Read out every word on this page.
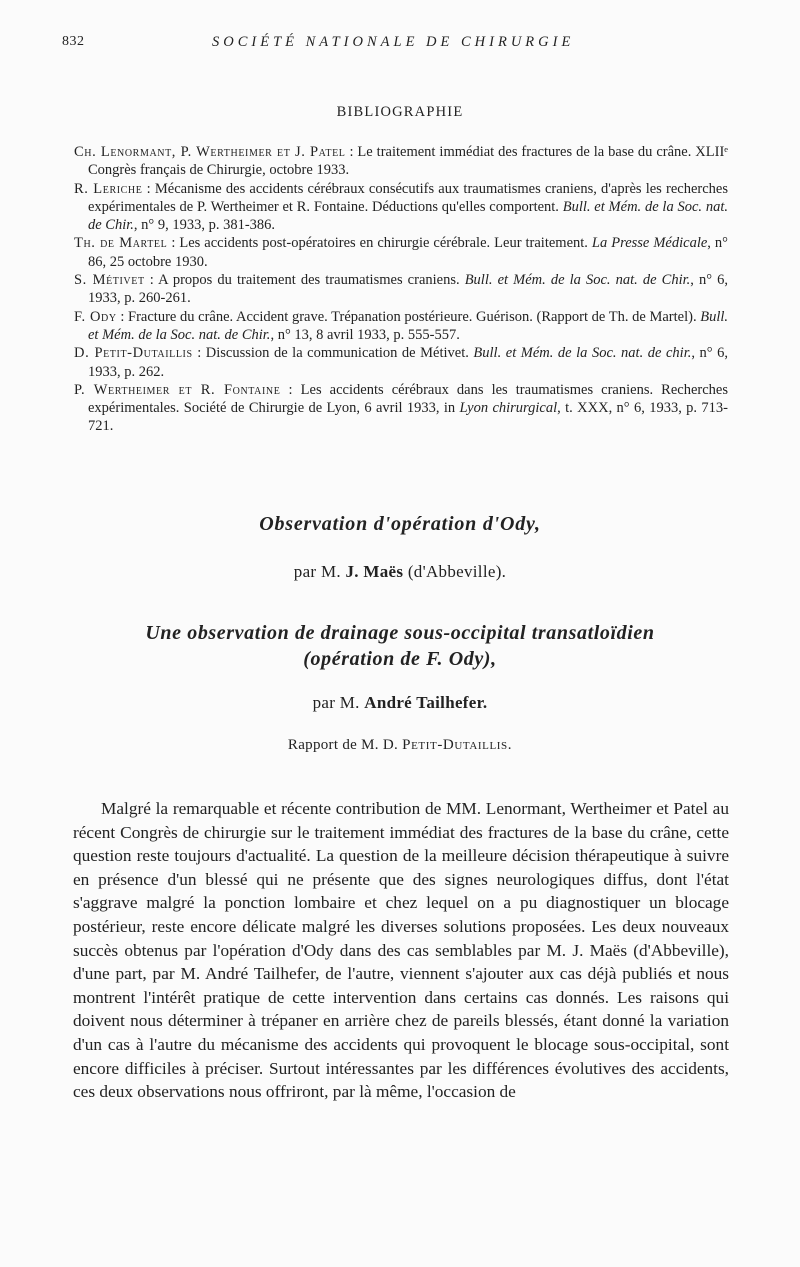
832	SOCIÉTÉ NATIONALE DE CHIRURGIE
BIBLIOGRAPHIE

Ch. Lenormant, P. Wertheimer et J. Patel : Le traitement immédiat des fractures de la base du crâne. XLIIᵉ Congrès français de Chirurgie, octobre 1933.

R. Leriche : Mécanisme des accidents cérébraux consécutifs aux traumatismes craniens, d'après les recherches expérimentales de P. Wertheimer et R. Fontaine. Déductions qu'elles comportent. Bull. et Mém. de la Soc. nat. de Chir., n° 9, 1933, p. 381-386.

Th. de Martel : Les accidents post-opératoires en chirurgie cérébrale. Leur traitement. La Presse Médicale, n° 86, 25 octobre 1930.

S. Métivet : A propos du traitement des traumatismes craniens. Bull. et Mém. de la Soc. nat. de Chir., n° 6, 1933, p. 260-261.

F. Ody : Fracture du crâne. Accident grave. Trépanation postérieure. Guérison. (Rapport de Th. de Martel). Bull. et Mém. de la Soc. nat. de Chir., n° 13, 8 avril 1933, p. 555-557.

D. Petit-Dutaillis : Discussion de la communication de Métivet. Bull. et Mém. de la Soc. nat. de chir., n° 6, 1933, p. 262.

P. Wertheimer et R. Fontaine : Les accidents cérébraux dans les traumatismes craniens. Recherches expérimentales. Société de Chirurgie de Lyon, 6 avril 1933, in Lyon chirurgical, t. XXX, n° 6, 1933, p. 713-721.

Observation d'opération d'Ody,
par M. J. Maës (d'Abbeville).
Une observation de drainage sous-occipital transatloïdien
(opération de F. Ody),
par M. André Tailhefer.
Rapport de M. D. Petit-Dutaillis.

Malgré la remarquable et récente contribution de MM. Lenormant, Wertheimer et Patel au récent Congrès de chirurgie sur le traitement immédiat des fractures de la base du crâne, cette question reste toujours d'actualité. La question de la meilleure décision thérapeutique à suivre en présence d'un blessé qui ne présente que des signes neurologiques diffus, dont l'état s'aggrave malgré la ponction lombaire et chez lequel on a pu diagnostiquer un blocage postérieur, reste encore délicate malgré les diverses solutions proposées. Les deux nouveaux succès obtenus par l'opération d'Ody dans des cas semblables par M. J. Maës (d'Abbeville), d'une part, par M. André Tailhefer, de l'autre, viennent s'ajouter aux cas déjà publiés et nous montrent l'intérêt pratique de cette intervention dans certains cas donnés. Les raisons qui doivent nous déterminer à trépaner en arrière chez de pareils blessés, étant donné la variation d'un cas à l'autre du mécanisme des accidents qui provoquent le blocage sous-occipital, sont encore difficiles à préciser. Surtout intéressantes par les différences évolutives des accidents, ces deux observations nous offriront, par là même, l'occasion de
